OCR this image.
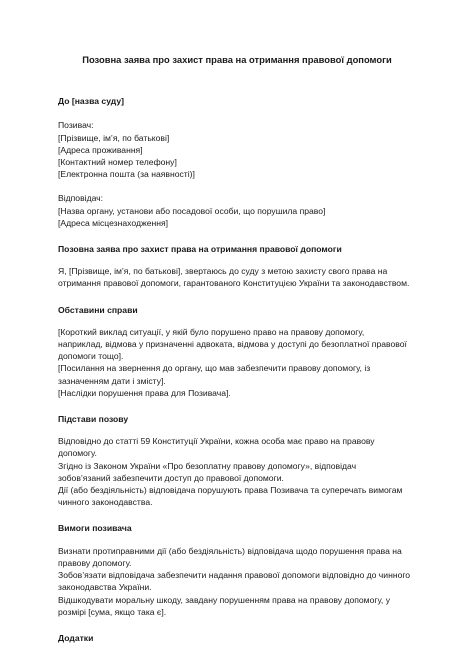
Позовна заява про захист права на отримання правової допомоги
До [назва суду]
Позивач:
[Прізвище, ім’я, по батькові]
[Адреса проживання]
[Контактний номер телефону]
[Електронна пошта (за наявності)]
Відповідач:
[Назва органу, установи або посадової особи, що порушила право]
[Адреса місцезнаходження]
Позовна заява про захист права на отримання правової допомоги
Я, [Прізвище, ім’я, по батькові], звертаюсь до суду з метою захисту свого права на
отримання правової допомоги, гарантованого Конституцією України та законодавством.
Обставини справи
[Короткий виклад ситуації, у якій було порушено право на правову допомогу,
наприклад, відмова у призначенні адвоката, відмова у доступі до безоплатної правової
допомоги тощо].
[Посилання на звернення до органу, що мав забезпечити правову допомогу, із
зазначенням дати і змісту].
[Наслідки порушення права для Позивача].
Підстави позову
Відповідно до статті 59 Конституції України, кожна особа має право на правову
допомогу.
Згідно із Законом України «Про безоплатну правову допомогу», відповідач
зобов’язаний забезпечити доступ до правової допомоги.
Дії (або бездіяльність) відповідача порушують права Позивача та суперечать вимогам
чинного законодавства.
Вимоги позивача
Визнати протиправними дії (або бездіяльність) відповідача щодо порушення права на
правову допомогу.
Зобов’язати відповідача забезпечити надання правової допомоги відповідно до чинного
законодавства України.
Відшкодувати моральну шкоду, завдану порушенням права на правову допомогу, у
розмірі [сума, якщо така є].
Додатки
